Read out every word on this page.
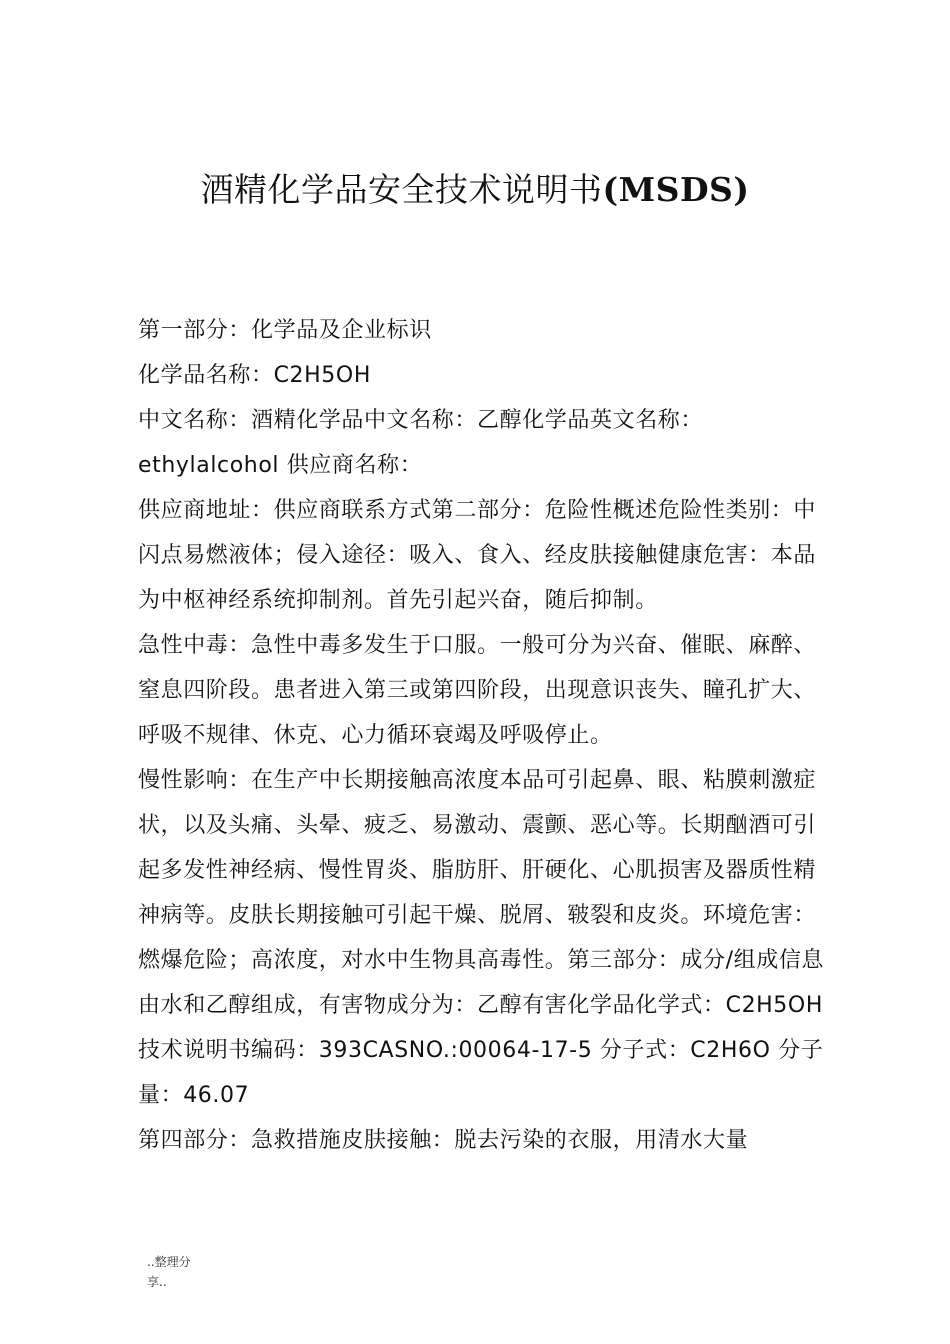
酒精化学品安全技术说明书(MSDS)

第一部分：化学品及企业标识

化学品名称：C2H5OH

中文名称：酒精化学品中文名称：乙醇化学品英文名称：ethylalcohol 供应商名称：

供应商地址：供应商联系方式第二部分：危险性概述危险性类别：中闪点易燃液体；侵入途径：吸入、食入、经皮肤接触健康危害：本品为中枢神经系统抑制剂。首先引起兴奋，随后抑制。

急性中毒：急性中毒多发生于口服。一般可分为兴奋、催眠、麻醉、窒息四阶段。患者进入第三或第四阶段，出现意识丧失、瞳孔扩大、呼吸不规律、休克、心力循环衰竭及呼吸停止。

慢性影响：在生产中长期接触高浓度本品可引起鼻、眼、粘膜刺激症状，以及头痛、头晕、疲乏、易激动、震颤、恶心等。长期酗酒可引起多发性神经病、慢性胃炎、脂肪肝、肝硬化、心肌损害及器质性精神病等。皮肤长期接触可引起干燥、脱屑、皲裂和皮炎。环境危害：燃爆危险；高浓度，对水中生物具高毒性。第三部分：成分/组成信息由水和乙醇组成，有害物成分为：乙醇有害化学品化学式：C2H5OH 技术说明书编码：393CASNO.:00064-17-5 分子式：C2H6O 分子量：46.07

第四部分：急救措施皮肤接触：脱去污染的衣服，用清水大量

..整理分享..
